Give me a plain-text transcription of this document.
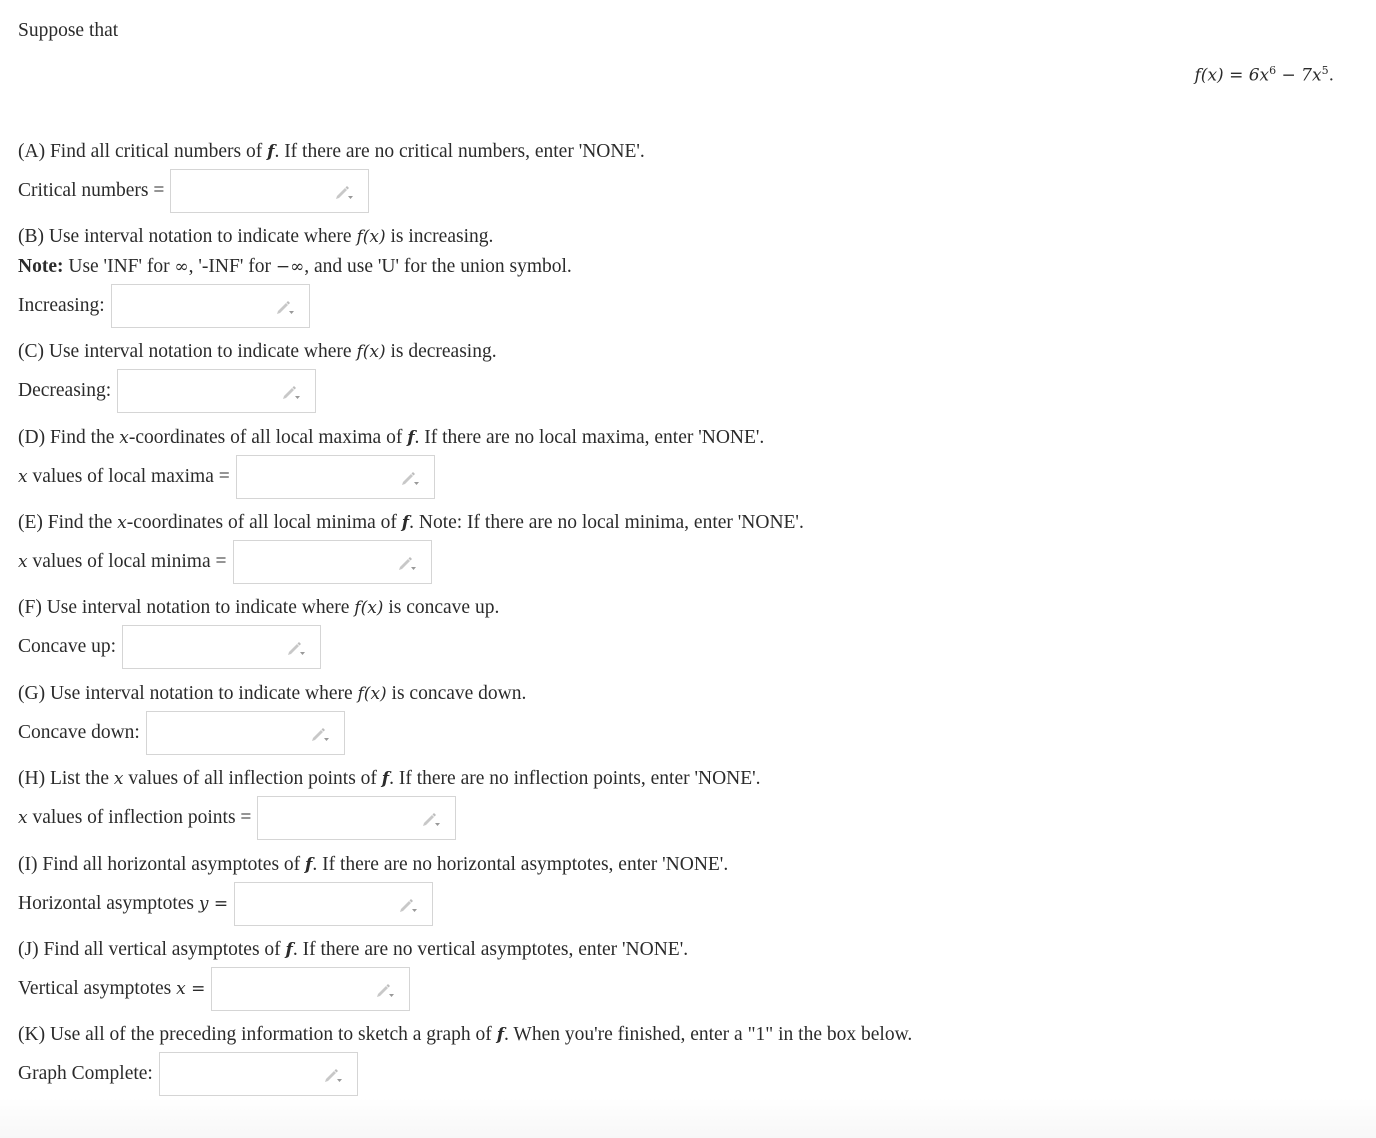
Suppose that
$f(x) = 6x^6 - 7x^5$.
(A) Find all critical numbers of f. If there are no critical numbers, enter 'NONE'.
Critical numbers =
(B) Use interval notation to indicate where f(x) is increasing.
Note: Use 'INF' for ∞, '-INF' for −∞, and use 'U' for the union symbol.
Increasing:
(C) Use interval notation to indicate where f(x) is decreasing.
Decreasing:
(D) Find the x-coordinates of all local maxima of f. If there are no local maxima, enter 'NONE'.
x values of local maxima =
(E) Find the x-coordinates of all local minima of f. Note: If there are no local minima, enter 'NONE'.
x values of local minima =
(F) Use interval notation to indicate where f(x) is concave up.
Concave up:
(G) Use interval notation to indicate where f(x) is concave down.
Concave down:
(H) List the x values of all inflection points of f. If there are no inflection points, enter 'NONE'.
x values of inflection points =
(I) Find all horizontal asymptotes of f. If there are no horizontal asymptotes, enter 'NONE'.
Horizontal asymptotes y =
(J) Find all vertical asymptotes of f. If there are no vertical asymptotes, enter 'NONE'.
Vertical asymptotes x =
(K) Use all of the preceding information to sketch a graph of f. When you're finished, enter a "1" in the box below.
Graph Complete:
